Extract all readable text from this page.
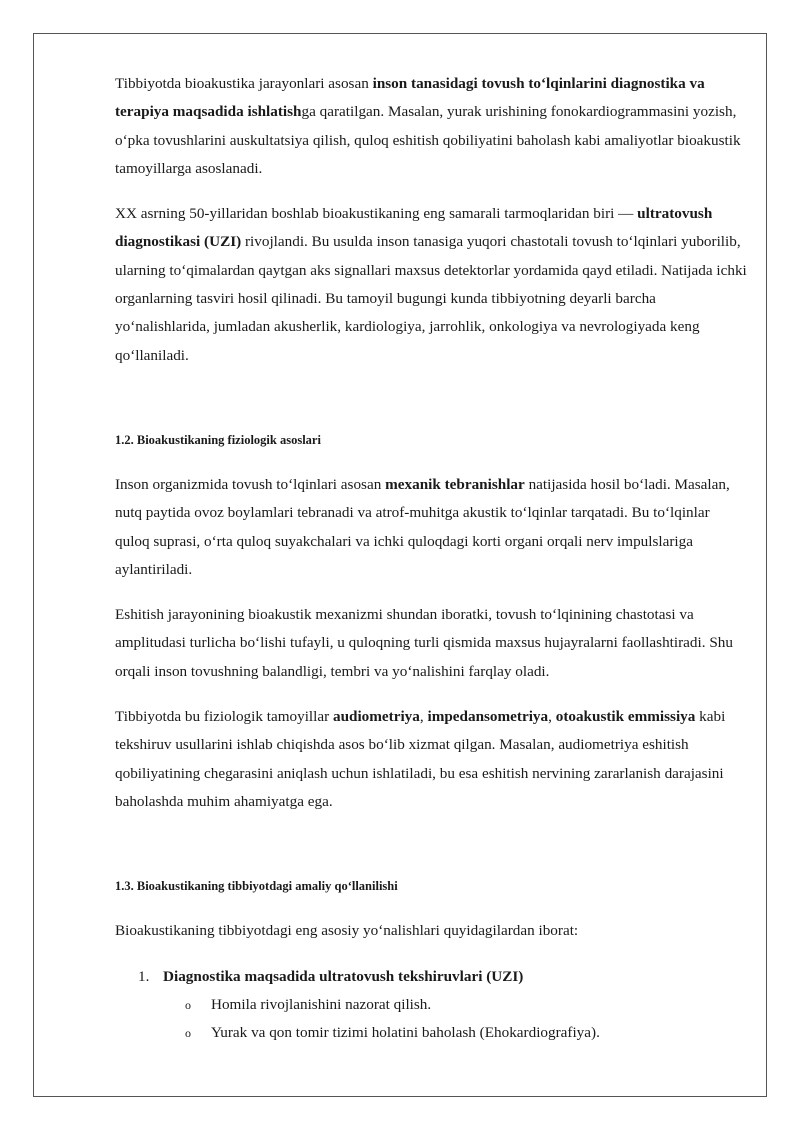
Tibbiyotda bioakustika jarayonlari asosan inson tanasidagi tovush to‘lqinlarini diagnostika va terapiya maqsadida ishlatishga qaratilgan. Masalan, yurak urishining fonokardiogrammasini yozish, o‘pka tovushlarini auskultatsiya qilish, quloq eshitish qobiliyatini baholash kabi amaliyotlar bioakustik tamoyillarga asoslanadi.

XX asrning 50-yillaridan boshlab bioakustikaning eng samarali tarmoqlaridan biri — ultratovush diagnostikasi (UZI) rivojlandi. Bu usulda inson tanasiga yuqori chastotali tovush to‘lqinlari yuborilib, ularning to‘qimalardan qaytgan aks signallari maxsus detektorlar yordamida qayd etiladi. Natijada ichki organlarning tasviri hosil qilinadi. Bu tamoyil bugungi kunda tibbiyotning deyarli barcha yo‘nalishlarida, jumladan akusherlik, kardiologiya, jarrohlik, onkologiya va nevrologiyada keng qo‘llaniladi.

1.2. Bioakustikaning fiziologik asoslari

Inson organizmida tovush to‘lqinlari asosan mexanik tebranishlar natijasida hosil bo‘ladi. Masalan, nutq paytida ovoz boylamlari tebranadi va atrof-muhitga akustik to‘lqinlar tarqatadi. Bu to‘lqinlar quloq suprasi, o‘rta quloq suyakchalari va ichki quloqdagi korti organi orqali nerv impulslariga aylantiriladi.

Eshitish jarayonining bioakustik mexanizmi shundan iboratki, tovush to‘lqinining chastotasi va amplitudasi turlicha bo‘lishi tufayli, u quloqning turli qismida maxsus hujayralarni faollashtiradi. Shu orqali inson tovushning balandligi, tembri va yo‘nalishini farqlay oladi.

Tibbiyotda bu fiziologik tamoyillar audiometriya, impedansometriya, otoakustik emmissiya kabi tekshiruv usullarini ishlab chiqishda asos bo‘lib xizmat qilgan. Masalan, audiometriya eshitish qobiliyatining chegarasini aniqlash uchun ishlatiladi, bu esa eshitish nervining zararlanish darajasini baholashda muhim ahamiyatga ega.

1.3. Bioakustikaning tibbiyotdagi amaliy qo‘llanilishi

Bioakustikaning tibbiyotdagi eng asosiy yo‘nalishlari quyidagilardan iborat:

1. Diagnostika maqsadida ultratovush tekshiruvlari (UZI)
o	Homila rivojlanishini nazorat qilish.
o	Yurak va qon tomir tizimi holatini baholash (Ehokardiografiya).
